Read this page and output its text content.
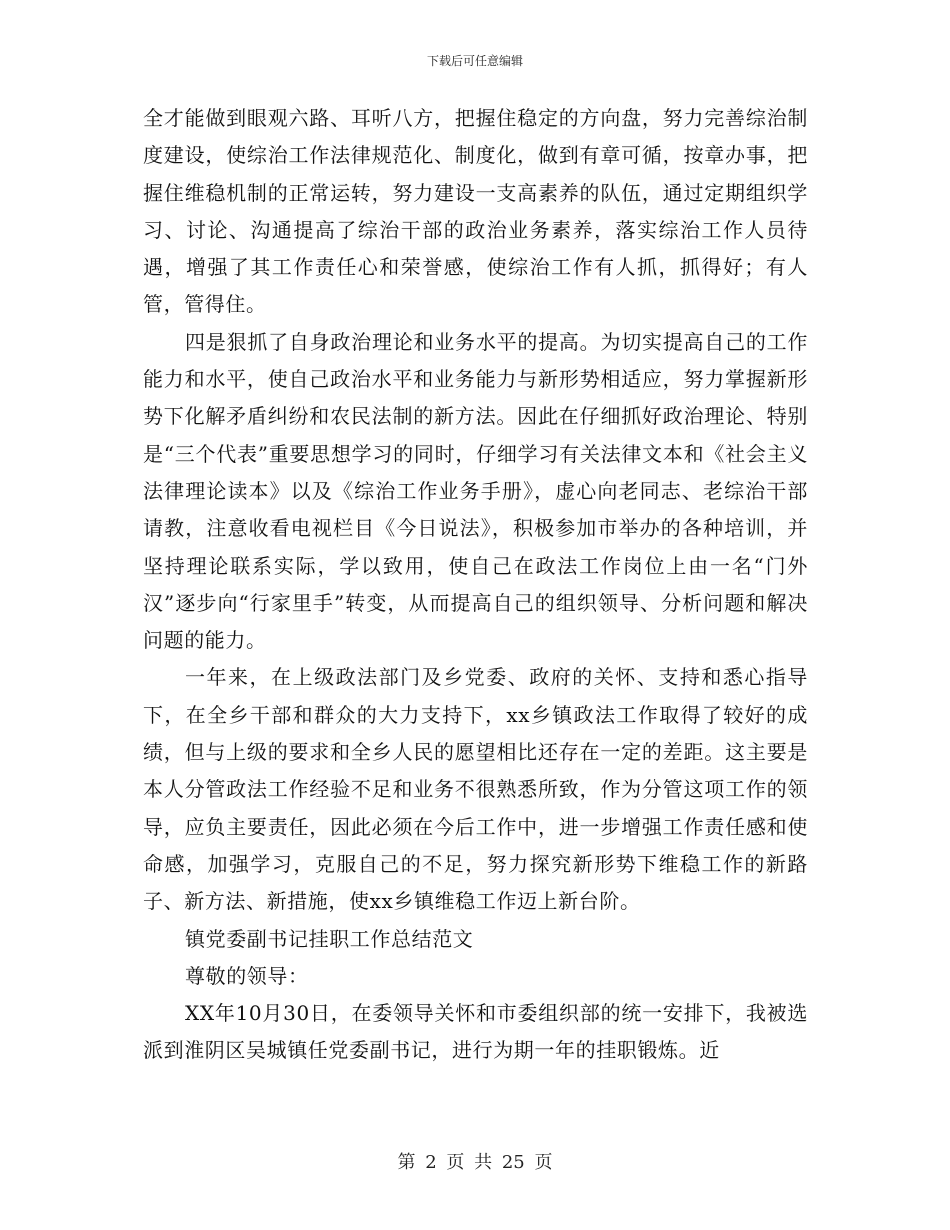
下载后可任意编辑

全才能做到眼观六路、耳听八方，把握住稳定的方向盘，努力完善综治制度建设，使综治工作法律规范化、制度化，做到有章可循，按章办事，把握住维稳机制的正常运转，努力建设一支高素养的队伍，通过定期组织学习、讨论、沟通提高了综治干部的政治业务素养，落实综治工作人员待遇，增强了其工作责任心和荣誉感，使综治工作有人抓，抓得好；有人管，管得住。

四是狠抓了自身政治理论和业务水平的提高。为切实提高自己的工作能力和水平，使自己政治水平和业务能力与新形势相适应，努力掌握新形势下化解矛盾纠纷和农民法制的新方法。因此在仔细抓好政治理论、特别是“三个代表”重要思想学习的同时，仔细学习有关法律文本和《社会主义法律理论读本》以及《综治工作业务手册》，虚心向老同志、老综治干部请教，注意收看电视栏目《今日说法》，积极参加市举办的各种培训，并坚持理论联系实际，学以致用，使自己在政法工作岗位上由一名“门外汉”逐步向“行家里手”转变，从而提高自己的组织领导、分析问题和解决问题的能力。

一年来，在上级政法部门及乡党委、政府的关怀、支持和悉心指导下，在全乡干部和群众的大力支持下，xx乡镇政法工作取得了较好的成绩，但与上级的要求和全乡人民的愿望相比还存在一定的差距。这主要是本人分管政法工作经验不足和业务不很熟悉所致，作为分管这项工作的领导，应负主要责任，因此必须在今后工作中，进一步增强工作责任感和使命感，加强学习，克服自己的不足，努力探究新形势下维稳工作的新路子、新方法、新措施，使xx乡镇维稳工作迈上新台阶。

镇党委副书记挂职工作总结范文

尊敬的领导：

XX年10月30日，在委领导关怀和市委组织部的统一安排下，我被选派到淮阴区吴城镇任党委副书记，进行为期一年的挂职锻炼。近

第 2 页 共 25 页
